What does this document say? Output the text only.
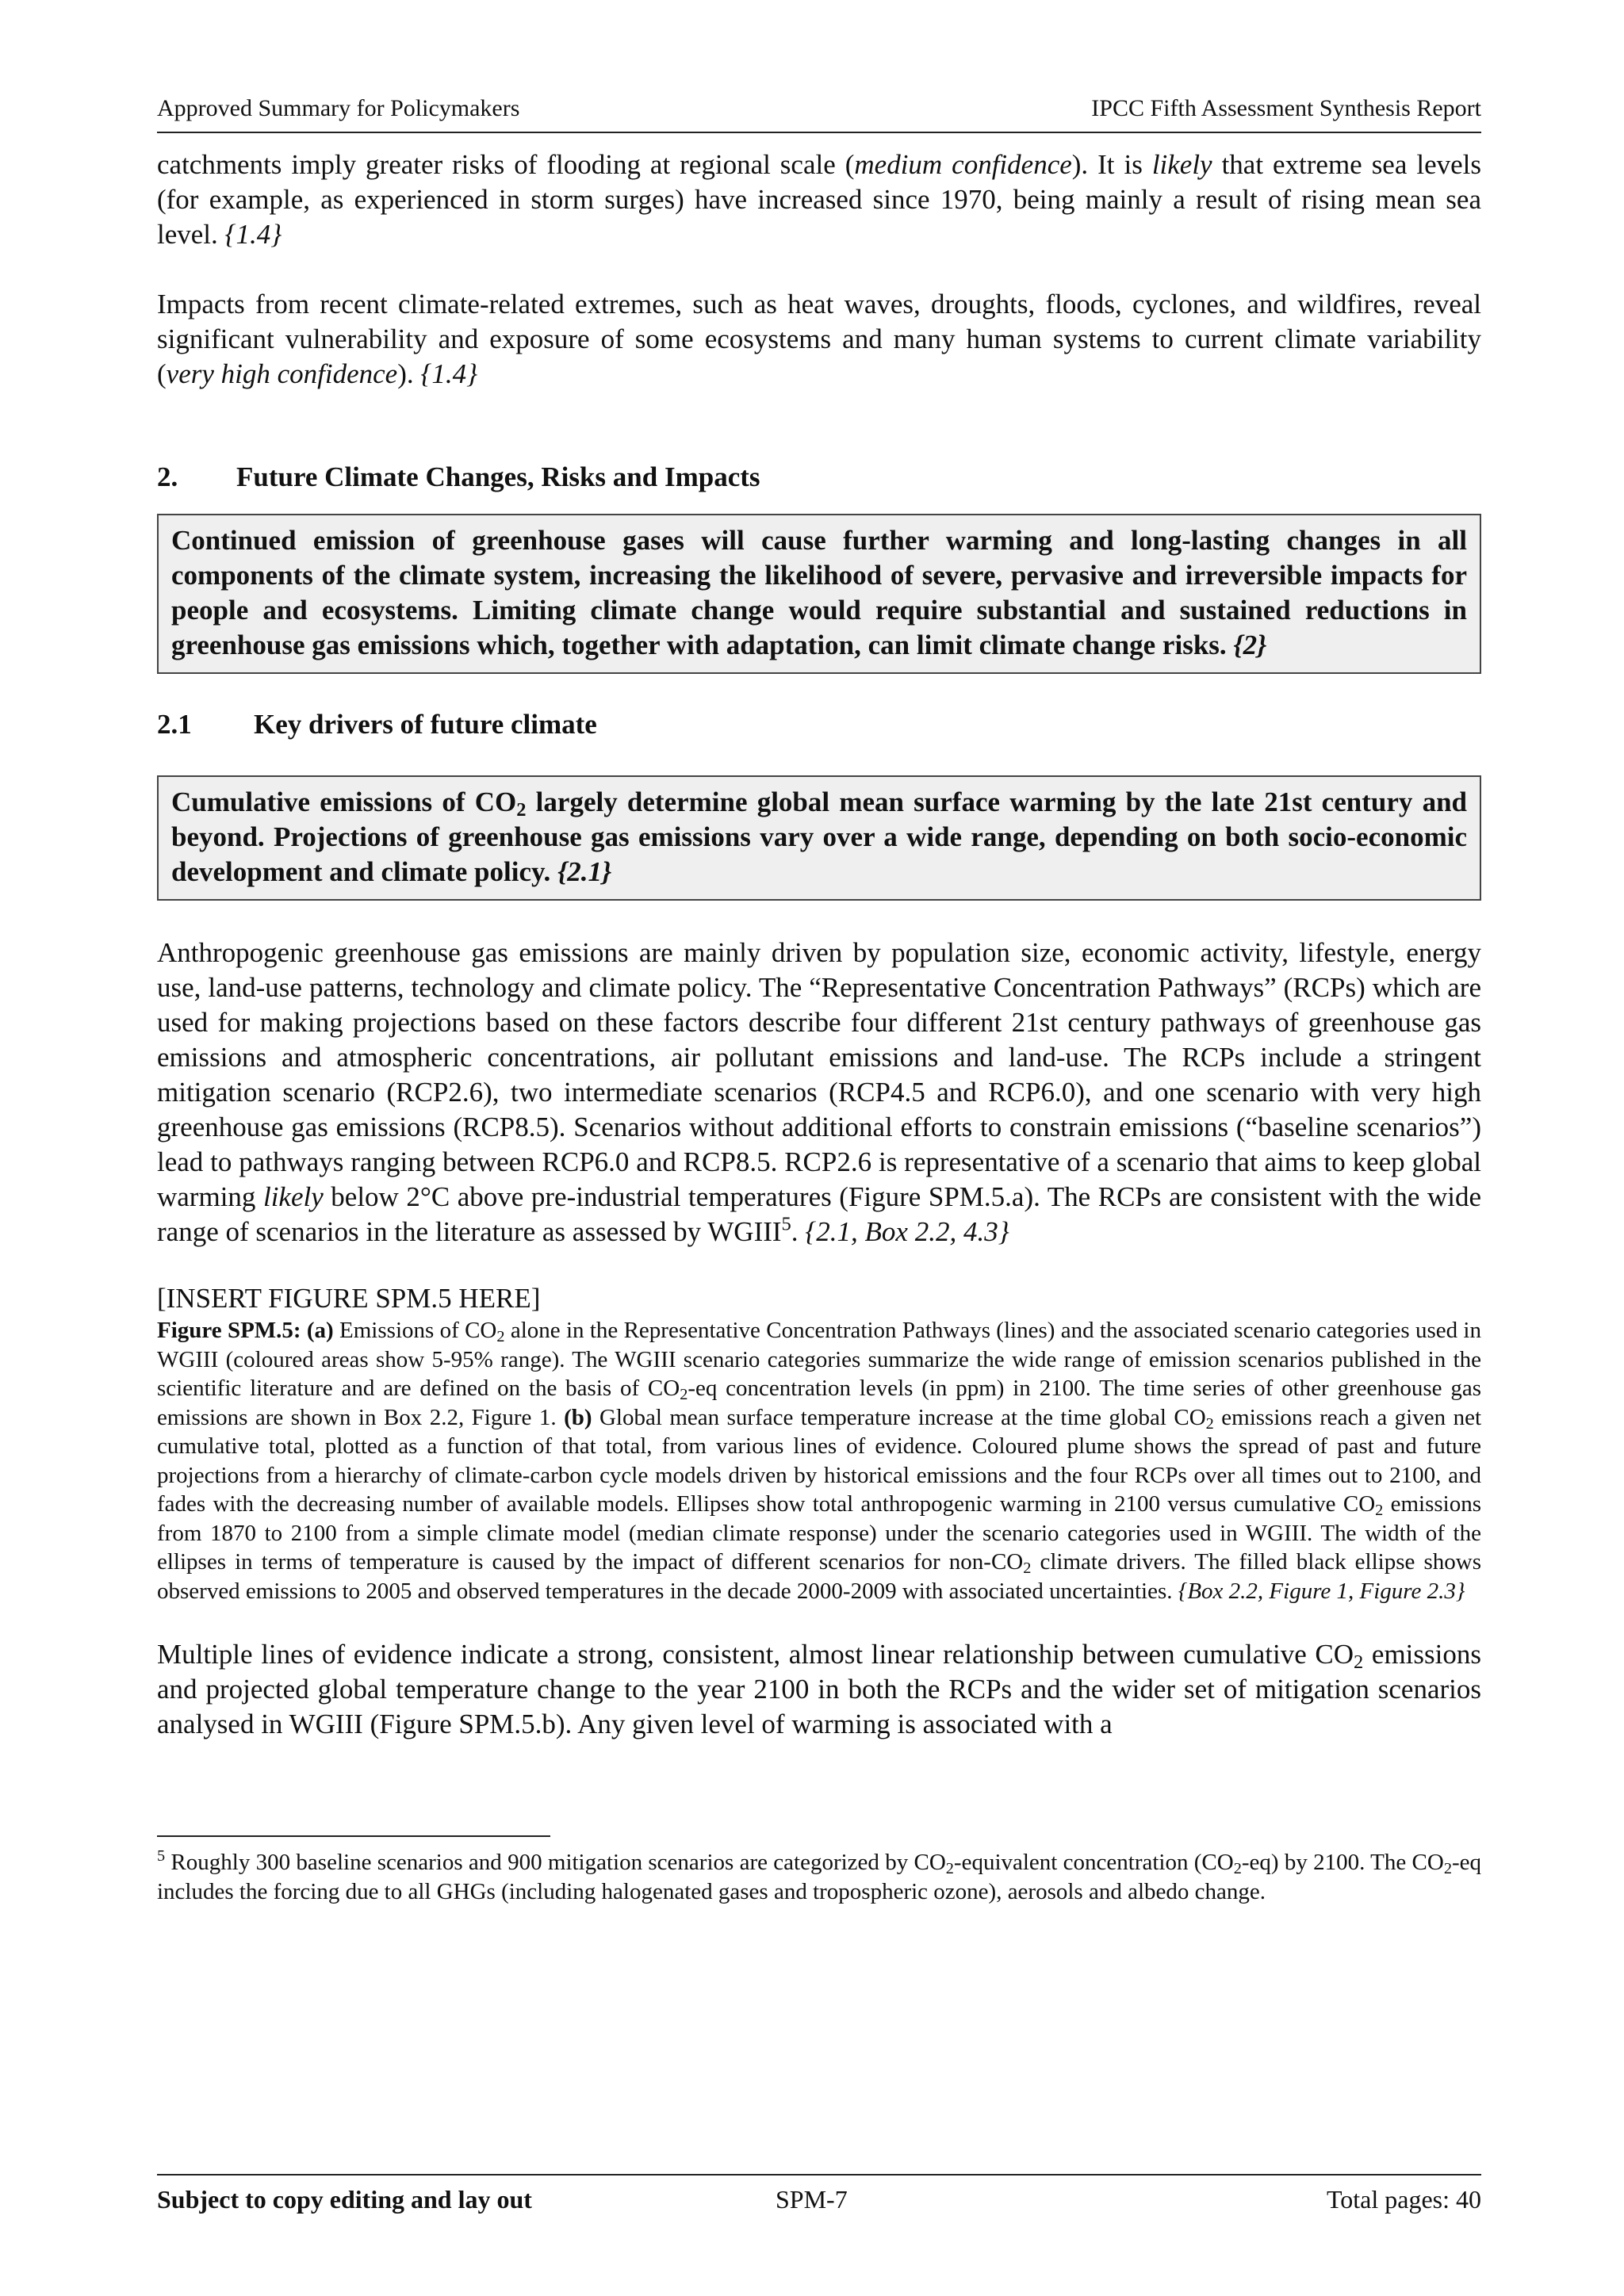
Approved Summary for Policymakers	IPCC Fifth Assessment Synthesis Report

catchments imply greater risks of flooding at regional scale (medium confidence). It is likely that extreme sea levels (for example, as experienced in storm surges) have increased since 1970, being mainly a result of rising mean sea level. {1.4}

Impacts from recent climate-related extremes, such as heat waves, droughts, floods, cyclones, and wildfires, reveal significant vulnerability and exposure of some ecosystems and many human systems to current climate variability (very high confidence). {1.4}

2.	Future Climate Changes, Risks and Impacts
Continued emission of greenhouse gases will cause further warming and long-lasting changes in all components of the climate system, increasing the likelihood of severe, pervasive and irreversible impacts for people and ecosystems. Limiting climate change would require substantial and sustained reductions in greenhouse gas emissions which, together with adaptation, can limit climate change risks. {2}
2.1	Key drivers of future climate
Cumulative emissions of $CO_2$ largely determine global mean surface warming by the late 21st century and beyond. Projections of greenhouse gas emissions vary over a wide range, depending on both socio-economic development and climate policy. {2.1}

Anthropogenic greenhouse gas emissions are mainly driven by population size, economic activity, lifestyle, energy use, land-use patterns, technology and climate policy. The “Representative Concentration Pathways” (RCPs) which are used for making projections based on these factors describe four different 21st century pathways of greenhouse gas emissions and atmospheric concentrations, air pollutant emissions and land-use. The RCPs include a stringent mitigation scenario (RCP2.6), two intermediate scenarios (RCP4.5 and RCP6.0), and one scenario with very high greenhouse gas emissions (RCP8.5). Scenarios without additional efforts to constrain emissions (“baseline scenarios”) lead to pathways ranging between RCP6.0 and RCP8.5. RCP2.6 is representative of a scenario that aims to keep global warming likely below 2°C above pre-industrial temperatures (Figure SPM.5.a). The RCPs are consistent with the wide range of scenarios in the literature as assessed by WGIII$^5$. {2.1, Box 2.2, 4.3}

[INSERT FIGURE SPM.5 HERE]

Figure SPM.5: (a) Emissions of $CO_2$ alone in the Representative Concentration Pathways (lines) and the associated scenario categories used in WGIII (coloured areas show 5-95% range). The WGIII scenario categories summarize the wide range of emission scenarios published in the scientific literature and are defined on the basis of $CO_2-eq$ concentration levels (in ppm) in 2100. The time series of other greenhouse gas emissions are shown in Box 2.2, Figure 1. (b) Global mean surface temperature increase at the time global $CO_2$ emissions reach a given net cumulative total, plotted as a function of that total, from various lines of evidence. Coloured plume shows the spread of past and future projections from a hierarchy of climate-carbon cycle models driven by historical emissions and the four RCPs over all times out to 2100, and fades with the decreasing number of available models. Ellipses show total anthropogenic warming in 2100 versus cumulative $CO_2$ emissions from 1870 to 2100 from a simple climate model (median climate response) under the scenario categories used in WGIII. The width of the ellipses in terms of temperature is caused by the impact of different scenarios for non-$CO_2$ climate drivers. The filled black ellipse shows observed emissions to 2005 and observed temperatures in the decade 2000-2009 with associated uncertainties. {Box 2.2, Figure 1, Figure 2.3}

Multiple lines of evidence indicate a strong, consistent, almost linear relationship between cumulative $CO_2$ emissions and projected global temperature change to the year 2100 in both the RCPs and the wider set of mitigation scenarios analysed in WGIII (Figure SPM.5.b). Any given level of warming is associated with a

$^5$ Roughly 300 baseline scenarios and 900 mitigation scenarios are categorized by $CO_2$-equivalent concentration $(CO_2-eq)$ by 2100. The $CO_2-eq$ includes the forcing due to all GHGs (including halogenated gases and tropospheric ozone), aerosols and albedo change.

Subject to copy editing and lay out	SPM-7	Total pages: 40
